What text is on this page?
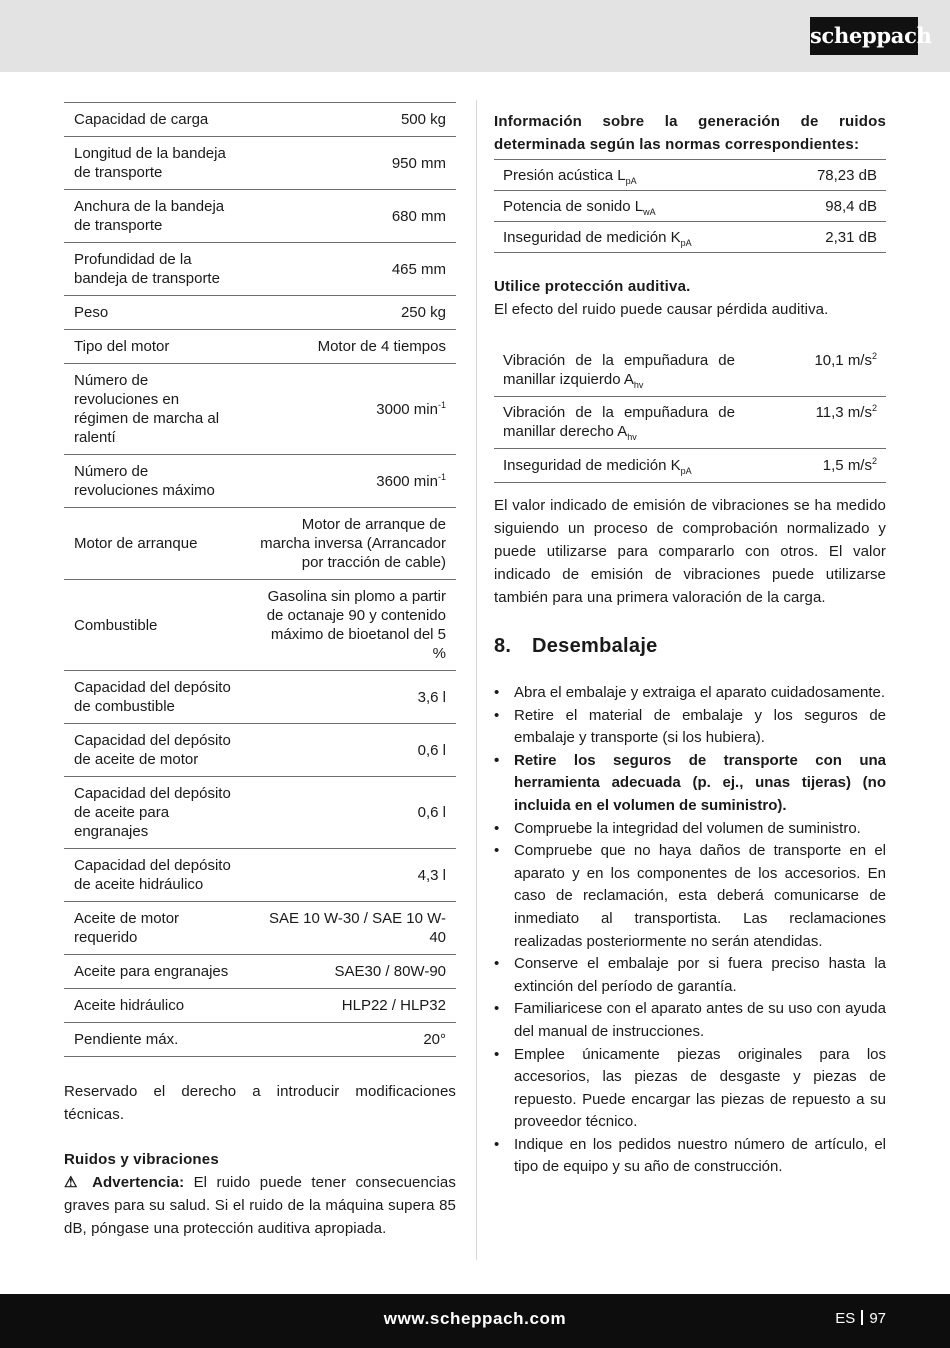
scheppach
Capacidad de carga	500 kg
Longitud de la bandeja de transporte	950 mm
Anchura de la bandeja de transporte	680 mm
Profundidad de la bandeja de transporte	465 mm
Peso	250 kg
Tipo del motor	Motor de 4 tiempos
Número de revoluciones en régimen de marcha al ralentí	3000 $\min^{-1}$
Número de revoluciones máximo	3600 $\min^{-1}$
Motor de arranque	Motor de arranque de marcha inversa (Arrancador por tracción de cable)
Combustible	Gasolina sin plomo a partir de octanaje 90 y contenido máximo de bioetanol del 5 %
Capacidad del depósito de combustible	3,6 l
Capacidad del depósito de aceite de motor	0,6 l
Capacidad del depósito de aceite para engranajes	0,6 l
Capacidad del depósito de aceite hidráulico	4,3 l
Aceite de motor requerido	SAE 10 W-30 / SAE 10 W-40
Aceite para engranajes	SAE30 / 80W-90
Aceite hidráulico	HLP22 / HLP32
Pendiente máx.	20°

Reservado el derecho a introducir modificaciones técnicas.

Ruidos y vibraciones

⚠ Advertencia: El ruido puede tener consecuencias graves para su salud. Si el ruido de la máquina supera 85 dB, póngase una protección auditiva apropiada.

Información sobre la generación de ruidos determinada según las normas correspondientes:

Presión acústica $L_{pA}$	78,23 dB
Potencia de sonido $L_{wA}$	98,4 dB
Inseguridad de medición $K_{pA}$	2,31 dB

Utilice protección auditiva.

El efecto del ruido puede causar pérdida auditiva.

Vibración de la empuñadura de manillar izquierdo $A_{hv}$	10,1 $m/s^2$
Vibración de la empuñadura de manillar derecho $A_{hv}$	11,3 $m/s^2$
Inseguridad de medición $K_{pA}$	1,5 $m/s^2$

El valor indicado de emisión de vibraciones se ha medido siguiendo un proceso de comprobación normalizado y puede utilizarse para compararlo con otros. El valor indicado de emisión de vibraciones puede utilizarse también para una primera valoración de la carga.

8. Desembalaje
• Abra el embalaje y extraiga el aparato cuidadosamente.
• Retire el material de embalaje y los seguros de embalaje y transporte (si los hubiera).
• Retire los seguros de transporte con una herramienta adecuada (p. ej., unas tijeras) (no incluida en el volumen de suministro).
• Compruebe la integridad del volumen de suministro.
• Compruebe que no haya daños de transporte en el aparato y en los componentes de los accesorios. En caso de reclamación, esta deberá comunicarse de inmediato al transportista. Las reclamaciones realizadas posteriormente no serán atendidas.
• Conserve el embalaje por si fuera preciso hasta la extinción del período de garantía.
• Familiaricese con el aparato antes de su uso con ayuda del manual de instrucciones.
• Emplee únicamente piezas originales para los accesorios, las piezas de desgaste y piezas de repuesto. Puede encargar las piezas de repuesto a su proveedor técnico.
• Indique en los pedidos nuestro número de artículo, el tipo de equipo y su año de construcción.
www.scheppach.com	ES 97
